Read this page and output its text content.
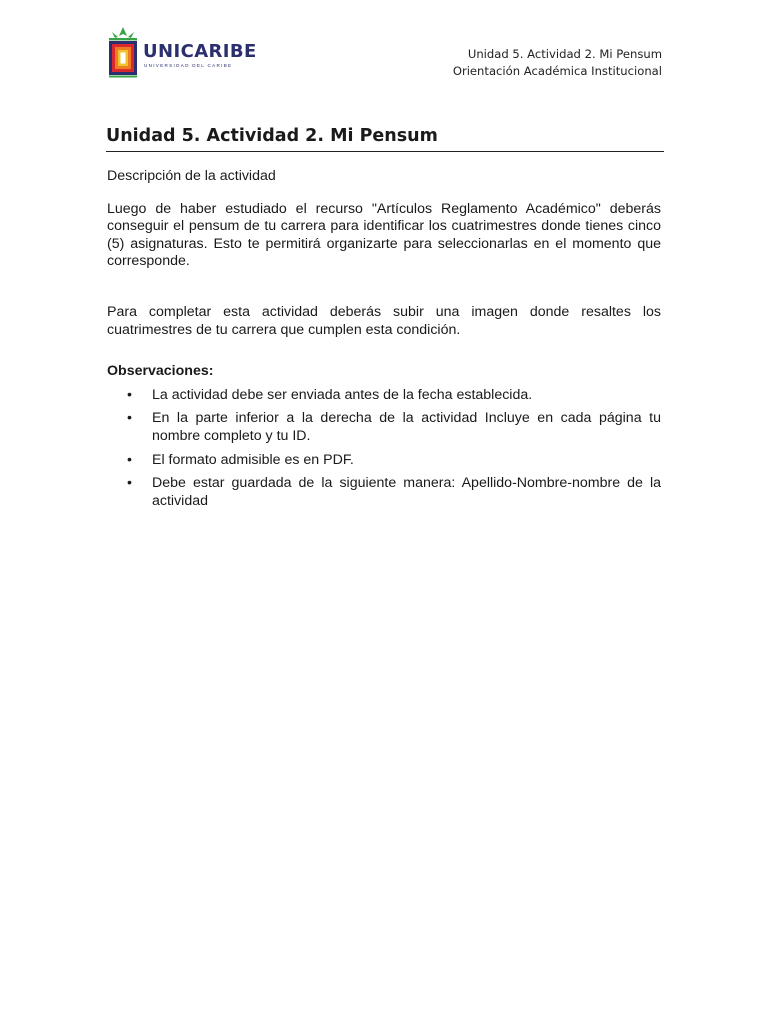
UNICARIBE
UNIVERSIDAD DEL CARIBE
Unidad 5. Actividad 2. Mi Pensum
Orientación Académica Institucional
Unidad 5. Actividad 2. Mi Pensum

Descripción de la actividad

Luego de haber estudiado el recurso "Artículos Reglamento Académico" deberás conseguir el pensum de tu carrera para identificar los cuatrimestres donde tienes cinco (5) asignaturas. Esto te permitirá organizarte para seleccionarlas en el momento que corresponde.

Para completar esta actividad deberás subir una imagen donde resaltes los cuatrimestres de tu carrera que cumplen esta condición.

Observaciones:

• La actividad debe ser enviada antes de la fecha establecida.
• En la parte inferior a la derecha de la actividad Incluye en cada página tu nombre completo y tu ID.
• El formato admisible es en PDF.
• Debe estar guardada de la siguiente manera: Apellido-Nombre-nombre de la actividad
